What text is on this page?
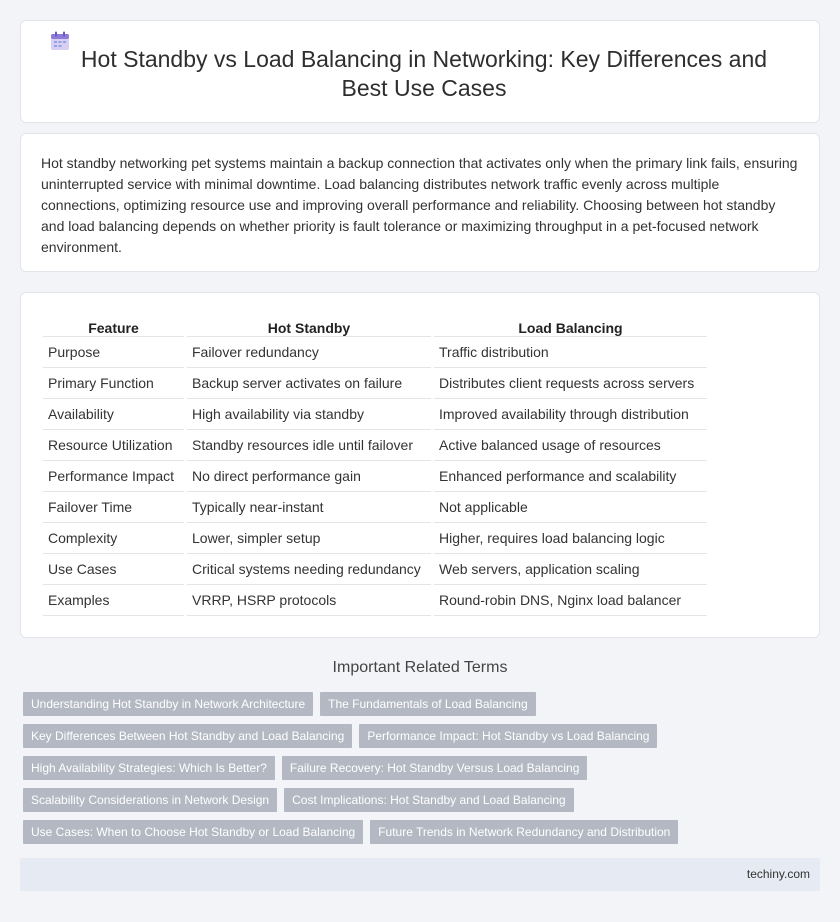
Hot Standby vs Load Balancing in Networking: Key Differences and Best Use Cases

Hot standby networking pet systems maintain a backup connection that activates only when the primary link fails, ensuring uninterrupted service with minimal downtime. Load balancing distributes network traffic evenly across multiple connections, optimizing resource use and improving overall performance and reliability. Choosing between hot standby and load balancing depends on whether priority is fault tolerance or maximizing throughput in a pet-focused network environment.

Feature		Hot Standby		Load Balancing
Purpose		Failover redundancy		Traffic distribution
Primary Function		Backup server activates on failure		Distributes client requests across servers
Availability		High availability via standby		Improved availability through distribution
Resource Utilization		Standby resources idle until failover		Active balanced usage of resources
Performance Impact		No direct performance gain		Enhanced performance and scalability
Failover Time		Typically near-instant		Not applicable
Complexity		Lower, simpler setup		Higher, requires load balancing logic
Use Cases		Critical systems needing redundancy		Web servers, application scaling
Examples		VRRP, HSRP protocols		Round-robin DNS, Nginx load balancer
Important Related Terms
Understanding Hot Standby in Network Architecture	The Fundamentals of Load Balancing
Key Differences Between Hot Standby and Load Balancing	Performance Impact: Hot Standby vs Load Balancing
High Availability Strategies: Which Is Better?	Failure Recovery: Hot Standby Versus Load Balancing
Scalability Considerations in Network Design	Cost Implications: Hot Standby and Load Balancing
Use Cases: When to Choose Hot Standby or Load Balancing	Future Trends in Network Redundancy and Distribution
techiny.com
